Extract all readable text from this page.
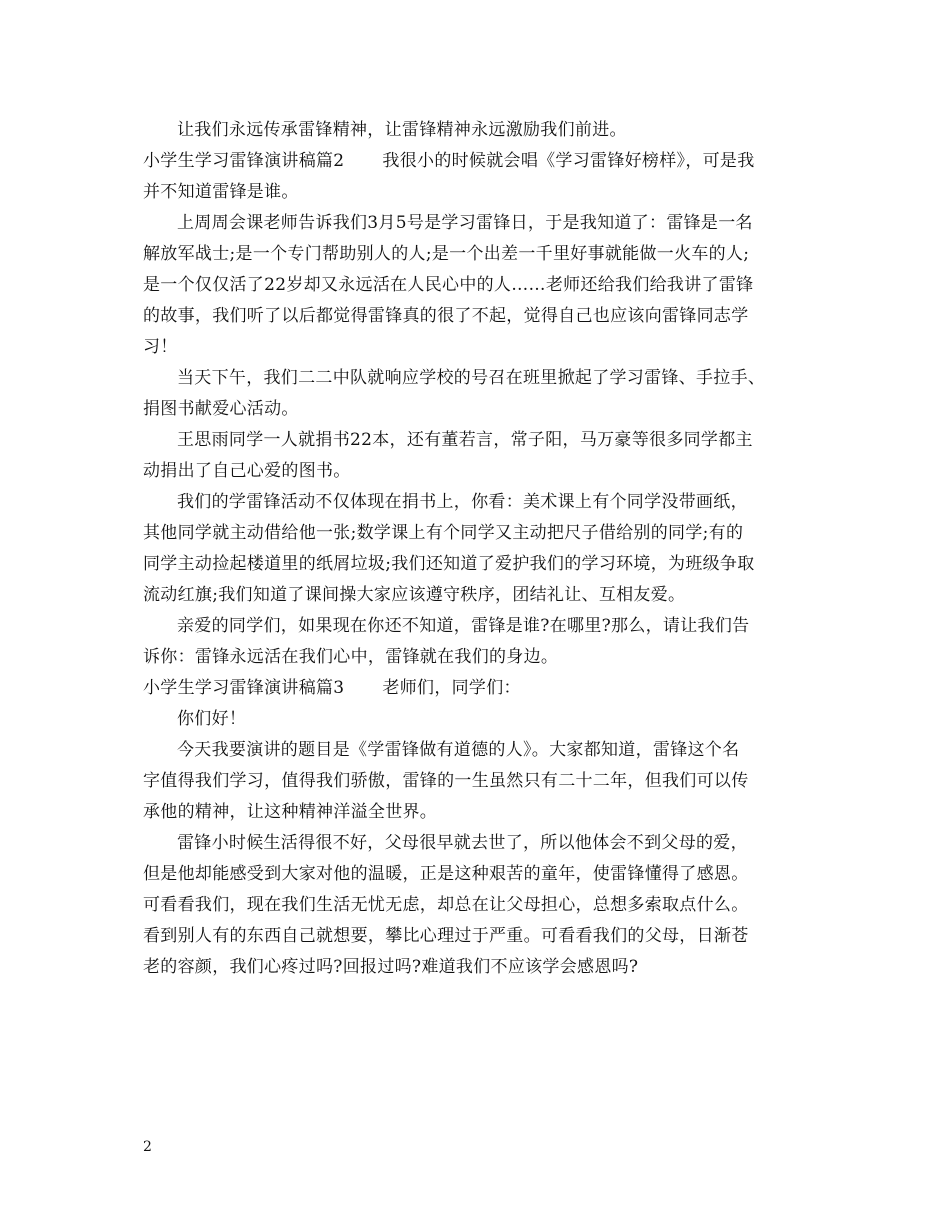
让我们永远传承雷锋精神，让雷锋精神永远激励我们前进。
小学生学习雷锋演讲稿篇2 我很小的时候就会唱《学习雷锋好榜样》，可是我
并不知道雷锋是谁。
上周周会课老师告诉我们3月5号是学习雷锋日，于是我知道了：雷锋是一名
解放军战士;是一个专门帮助别人的人;是一个出差一千里好事就能做一火车的人;
是一个仅仅活了22岁却又永远活在人民心中的人……老师还给我们给我讲了雷锋
的故事，我们听了以后都觉得雷锋真的很了不起，觉得自己也应该向雷锋同志学
习！
当天下午，我们二二中队就响应学校的号召在班里掀起了学习雷锋、手拉手、
捐图书献爱心活动。
王思雨同学一人就捐书22本，还有董若言，常子阳，马万豪等很多同学都主
动捐出了自己心爱的图书。
我们的学雷锋活动不仅体现在捐书上，你看：美术课上有个同学没带画纸，
其他同学就主动借给他一张;数学课上有个同学又主动把尺子借给别的同学;有的
同学主动捡起楼道里的纸屑垃圾;我们还知道了爱护我们的学习环境，为班级争取
流动红旗;我们知道了课间操大家应该遵守秩序，团结礼让、互相友爱。
亲爱的同学们，如果现在你还不知道，雷锋是谁?在哪里?那么，请让我们告
诉你：雷锋永远活在我们心中，雷锋就在我们的身边。
小学生学习雷锋演讲稿篇3 老师们，同学们：
你们好！
今天我要演讲的题目是《学雷锋做有道德的人》。大家都知道，雷锋这个名
字值得我们学习，值得我们骄傲，雷锋的一生虽然只有二十二年，但我们可以传
承他的精神，让这种精神洋溢全世界。
雷锋小时候生活得很不好，父母很早就去世了，所以他体会不到父母的爱，
但是他却能感受到大家对他的温暖，正是这种艰苦的童年，使雷锋懂得了感恩。
可看看我们，现在我们生活无忧无虑，却总在让父母担心，总想多索取点什么。
看到别人有的东西自己就想要，攀比心理过于严重。可看看我们的父母，日渐苍
老的容颜，我们心疼过吗?回报过吗?难道我们不应该学会感恩吗?
2
